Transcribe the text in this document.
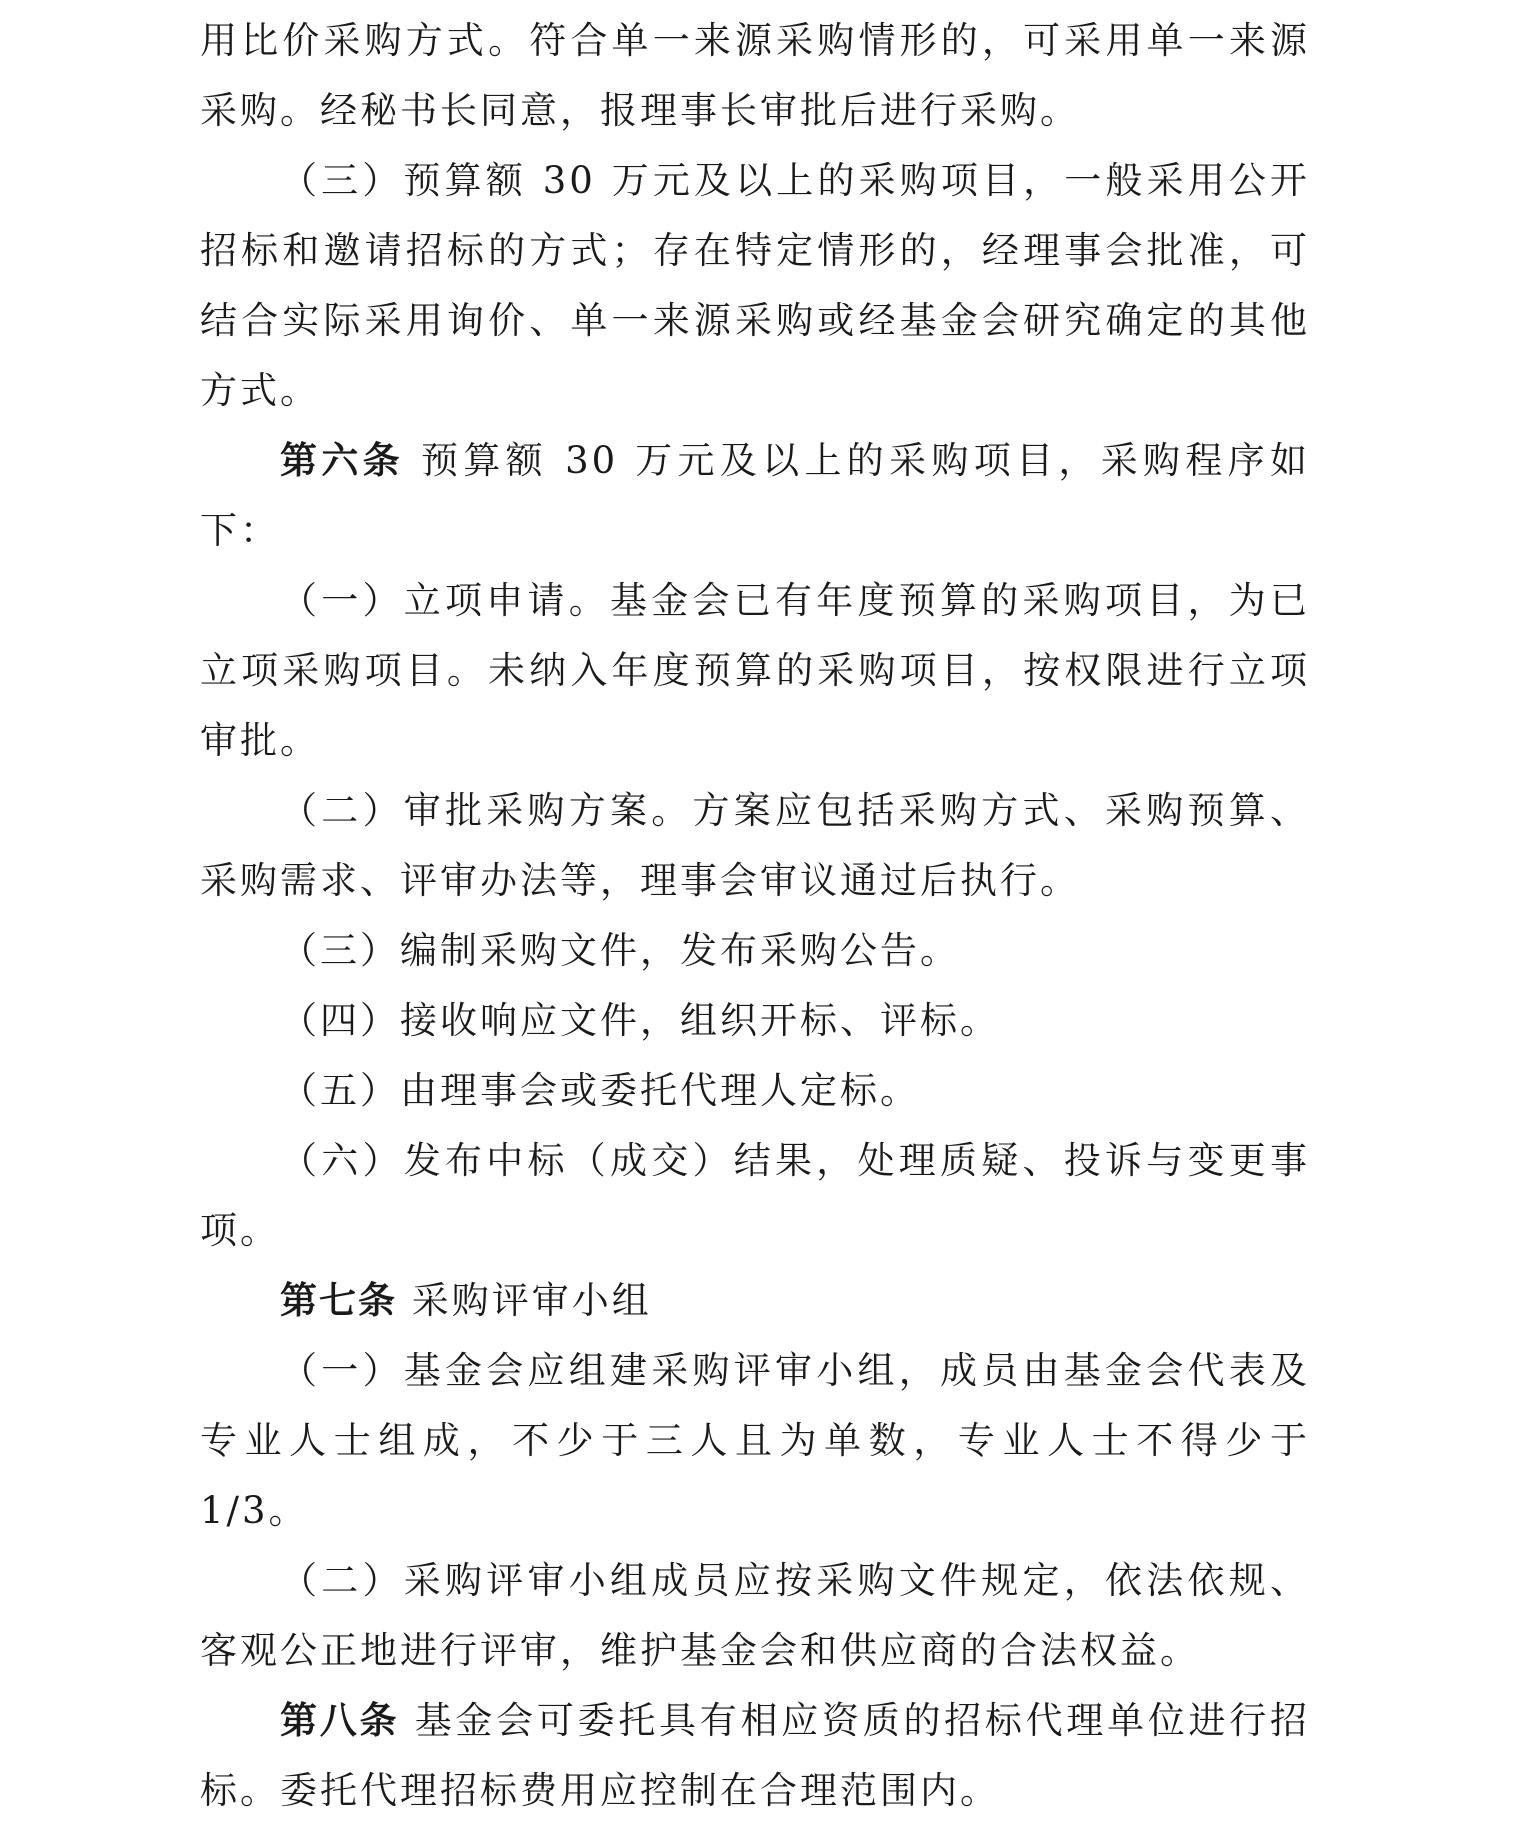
用比价采购方式。符合单一来源采购情形的，可采用单一来源采购。经秘书长同意，报理事长审批后进行采购。

（三）预算额 30 万元及以上的采购项目，一般采用公开招标和邀请招标的方式；存在特定情形的，经理事会批准，可结合实际采用询价、单一来源采购或经基金会研究确定的其他方式。

第六条 预算额 30 万元及以上的采购项目，采购程序如下：

（一）立项申请。基金会已有年度预算的采购项目，为已立项采购项目。未纳入年度预算的采购项目，按权限进行立项审批。

（二）审批采购方案。方案应包括采购方式、采购预算、采购需求、评审办法等，理事会审议通过后执行。

（三）编制采购文件，发布采购公告。

（四）接收响应文件，组织开标、评标。

（五）由理事会或委托代理人定标。

（六）发布中标（成交）结果，处理质疑、投诉与变更事项。

第七条 采购评审小组

（一）基金会应组建采购评审小组，成员由基金会代表及专业人士组成，不少于三人且为单数，专业人士不得少于 1/3。

（二）采购评审小组成员应按采购文件规定，依法依规、客观公正地进行评审，维护基金会和供应商的合法权益。

第八条 基金会可委托具有相应资质的招标代理单位进行招标。委托代理招标费用应控制在合理范围内。
